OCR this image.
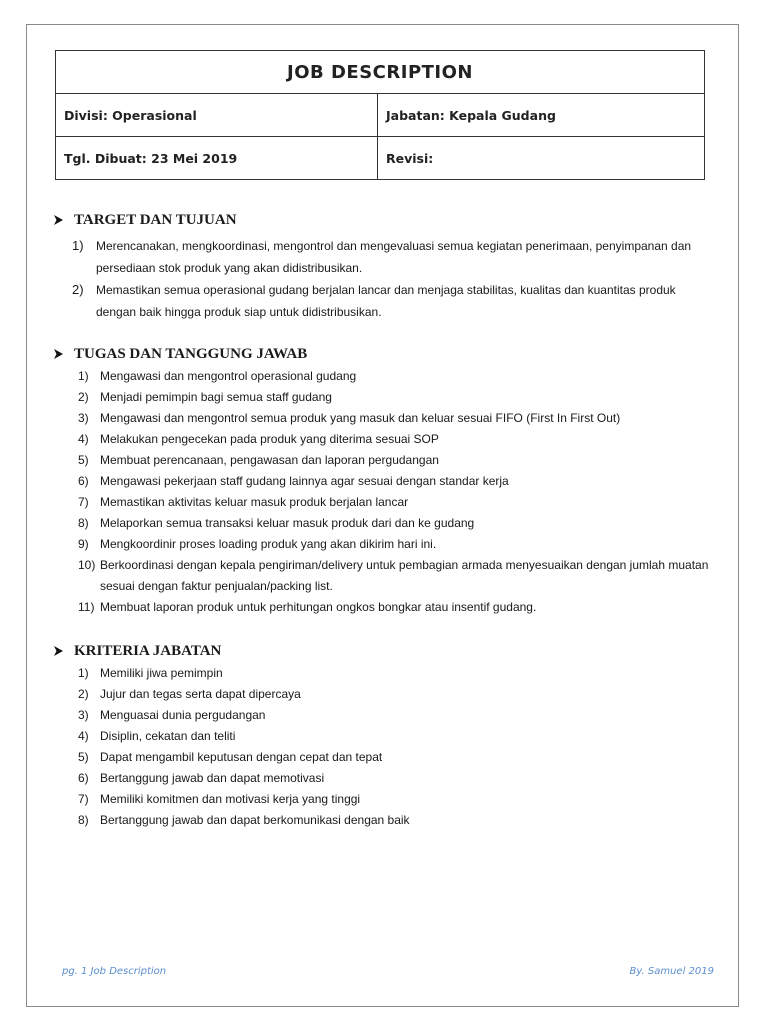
JOB DESCRIPTION	
Divisi: Operasional	Jabatan: Kepala Gudang
Tgl. Dibuat: 23 Mei 2019	Revisi:
TARGET DAN TUJUAN
1) Merencanakan, mengkoordinasi, mengontrol dan mengevaluasi semua kegiatan penerimaan, penyimpanan dan persediaan stok produk yang akan didistribusikan.
2) Memastikan semua operasional gudang berjalan lancar dan menjaga stabilitas, kualitas dan kuantitas produk dengan baik hingga produk siap untuk didistribusikan.
TUGAS DAN TANGGUNG JAWAB
1) Mengawasi dan mengontrol operasional gudang
2) Menjadi pemimpin bagi semua staff gudang
3) Mengawasi dan mengontrol semua produk yang masuk dan keluar sesuai FIFO (First In First Out)
4) Melakukan pengecekan pada produk yang diterima sesuai SOP
5) Membuat perencanaan, pengawasan dan laporan pergudangan
6) Mengawasi pekerjaan staff gudang lainnya agar sesuai dengan standar kerja
7) Memastikan aktivitas keluar masuk produk berjalan lancar
8) Melaporkan semua transaksi keluar masuk produk dari dan ke gudang
9) Mengkoordinir proses loading produk yang akan dikirim hari ini.
10) Berkoordinasi dengan kepala pengiriman/delivery untuk pembagian armada menyesuaikan dengan jumlah muatan sesuai dengan faktur penjualan/packing list.
11) Membuat laporan produk untuk perhitungan ongkos bongkar atau insentif gudang.
KRITERIA JABATAN
1) Memiliki jiwa pemimpin
2) Jujur dan tegas serta dapat dipercaya
3) Menguasai dunia pergudangan
4) Disiplin, cekatan dan teliti
5) Dapat mengambil keputusan dengan cepat dan tepat
6) Bertanggung jawab dan dapat memotivasi
7) Memiliki komitmen dan motivasi kerja yang tinggi
8) Bertanggung jawab dan dapat berkomunikasi dengan baik
pg. 1 Job Description	By. Samuel 2019
